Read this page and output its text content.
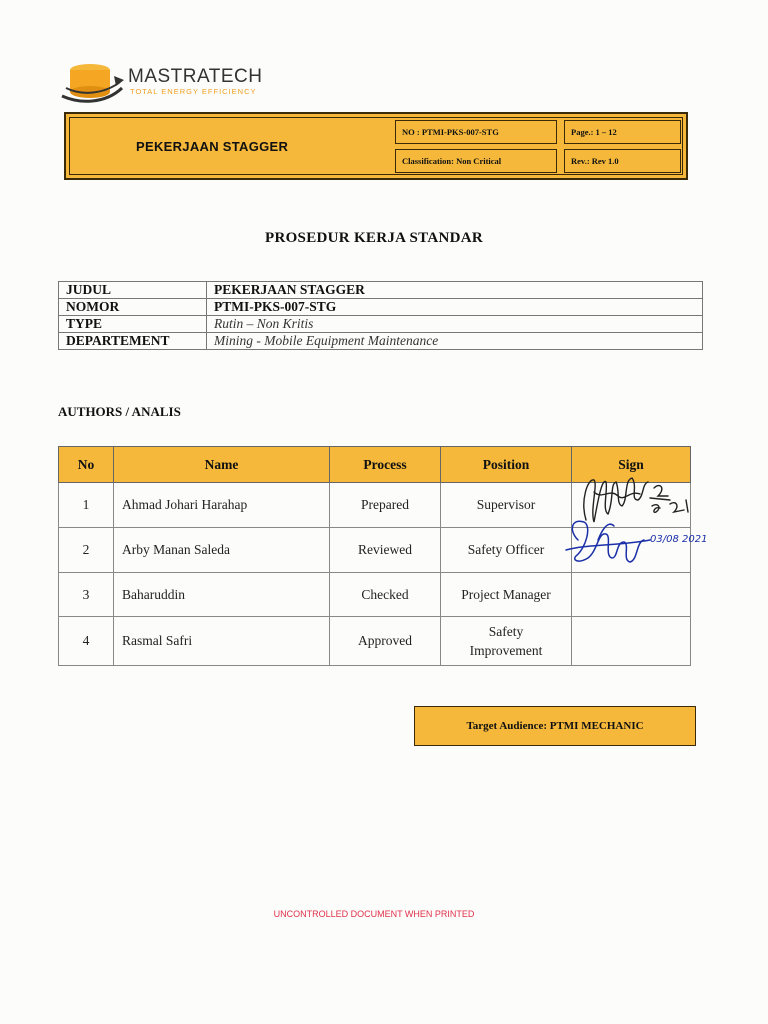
MASTRATECH
TOTAL ENERGY EFFICIENCY
PEKERJAAN STAGGER
NO : PTMI-PKS-007-STG	Page.: 1 – 12
Classification: Non Critical	Rev.: Rev 1.0
PROSEDUR KERJA STANDAR
JUDUL	PEKERJAAN STAGGER
NOMOR	PTMI-PKS-007-STG
TYPE	Rutin – Non Kritis
DEPARTEMENT	Mining - Mobile Equipment Maintenance
AUTHORS / ANALIS
No	Name	Process	Position	Sign
1	Ahmad Johari Harahap	Prepared	Supervisor	
2	Arby Manan Saleda	Reviewed	Safety Officer	
3	Baharuddin	Checked	Project Manager	
4	Rasmal Safri	Approved	Safety Improvement	
03/08 2021
Target Audience: PTMI MECHANIC
UNCONTROLLED DOCUMENT WHEN PRINTED
